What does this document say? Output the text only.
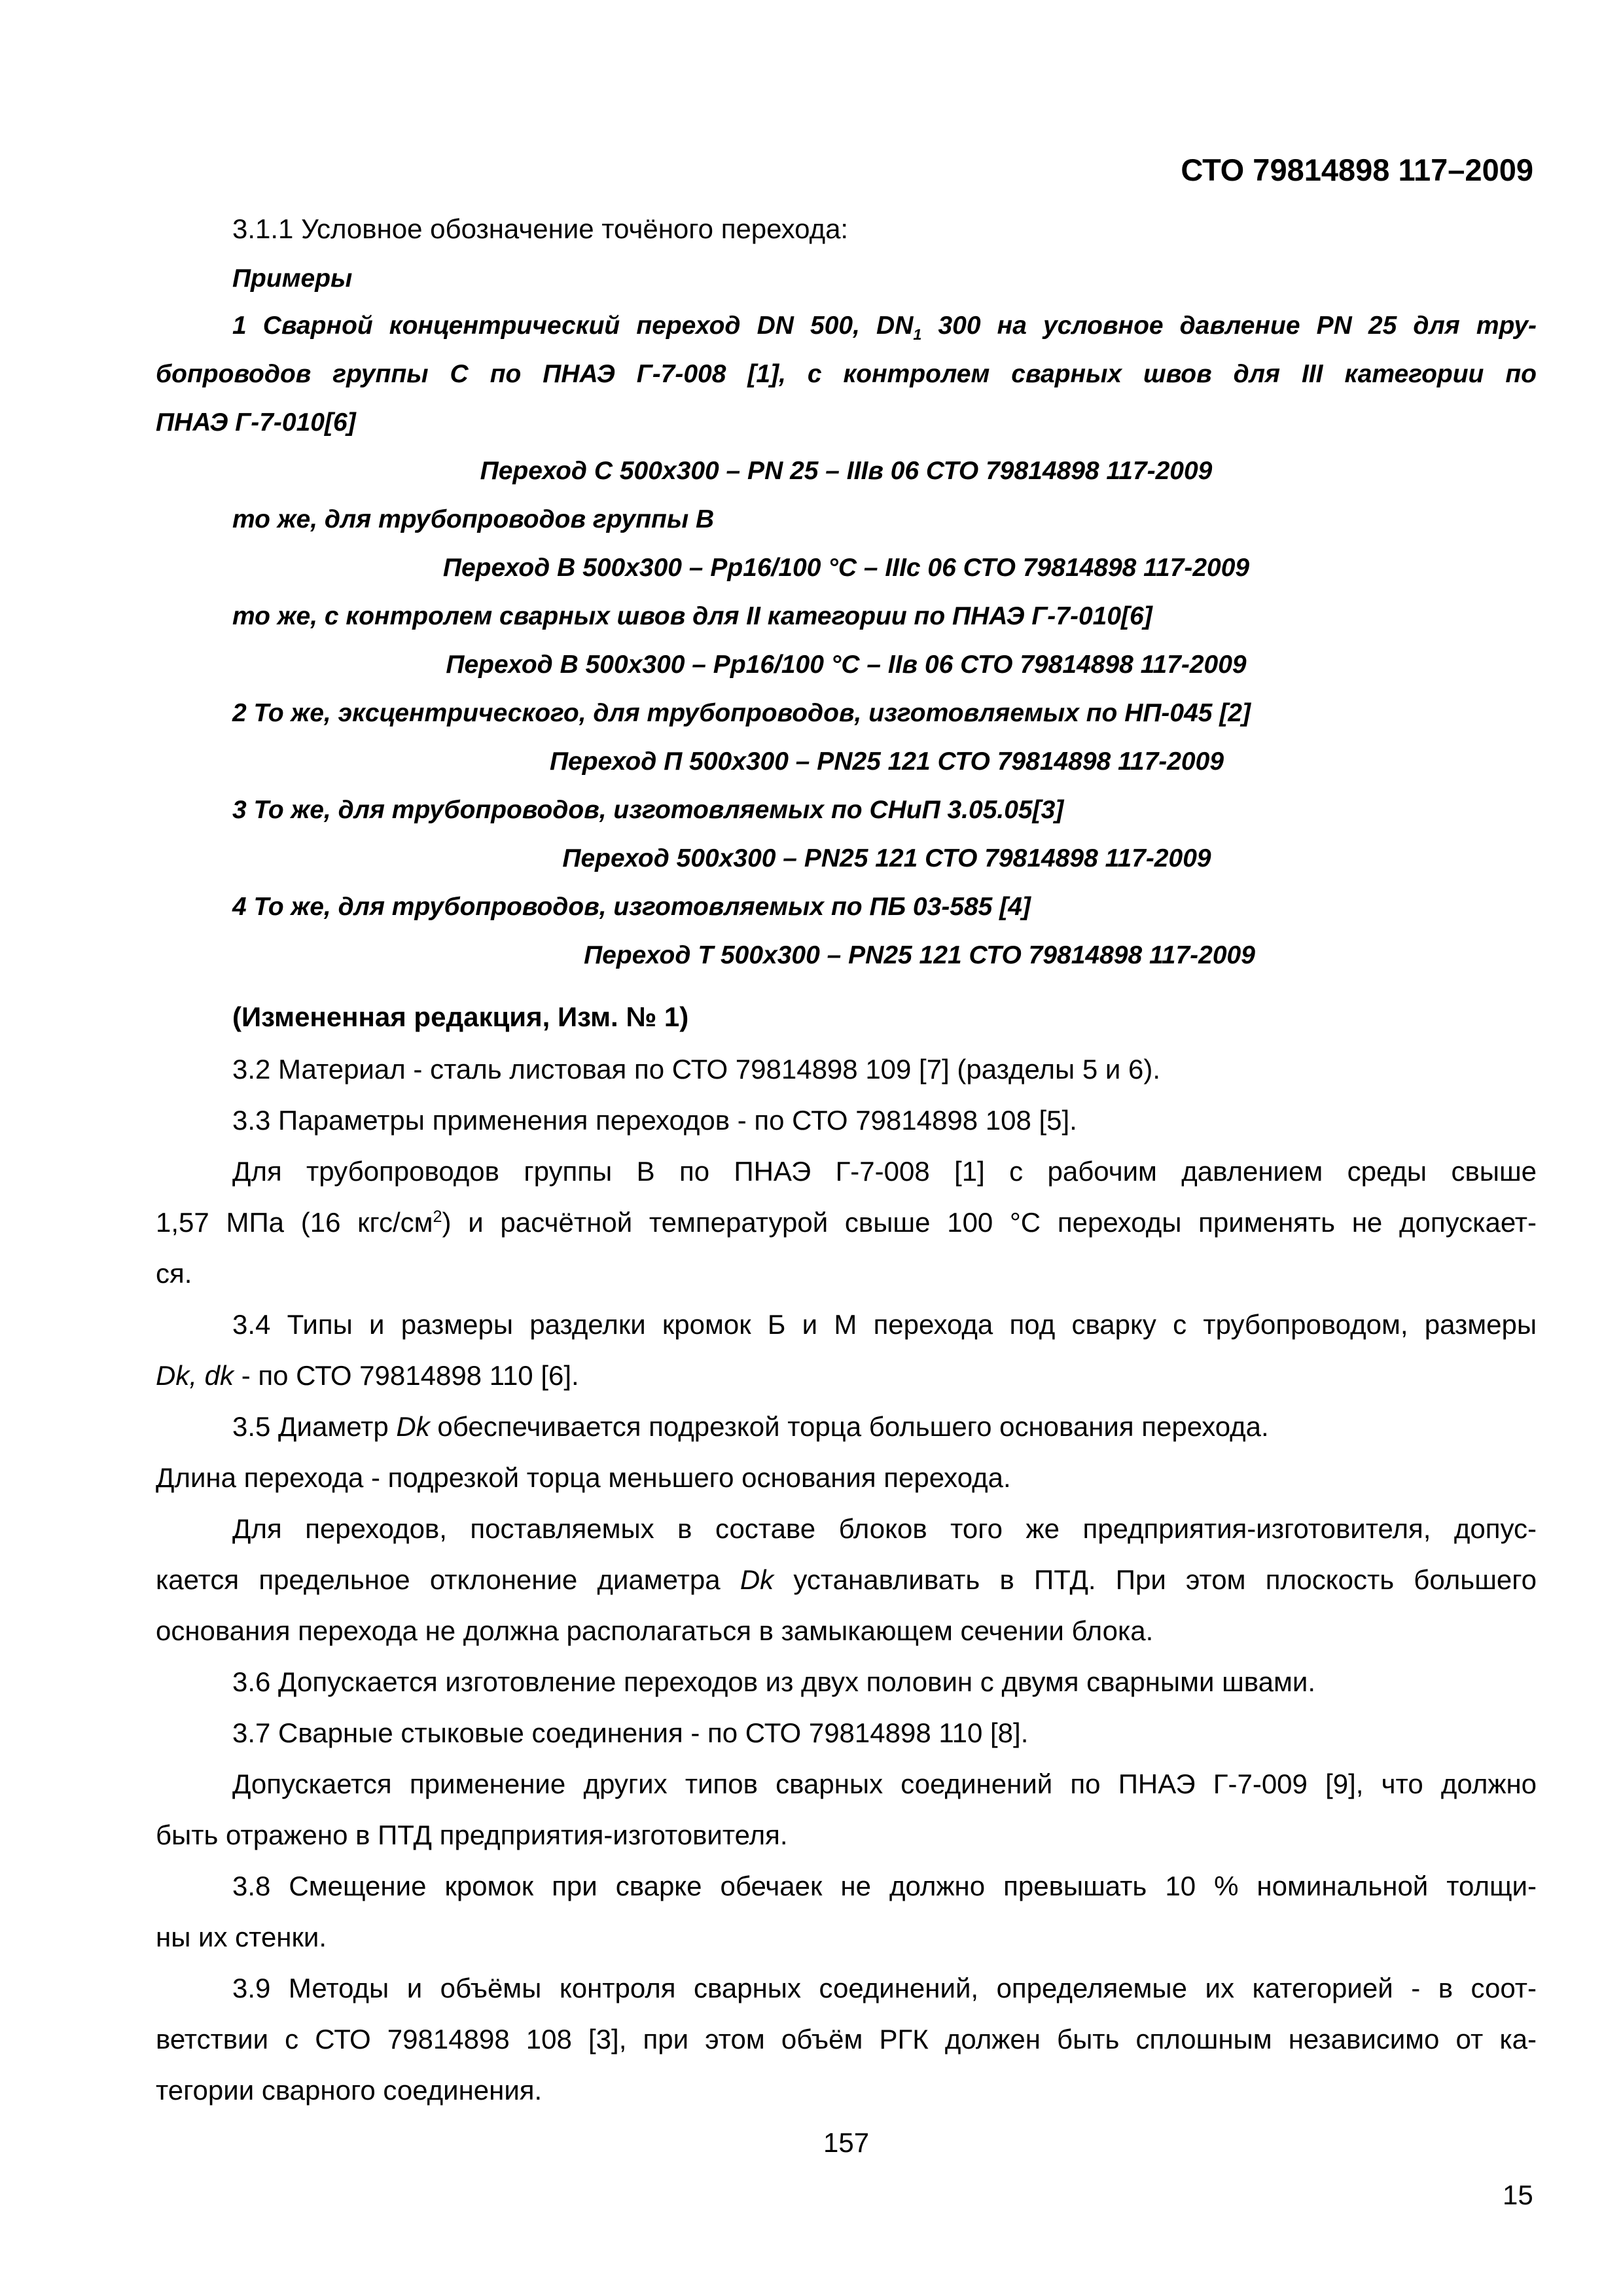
СТО 79814898 117–2009
3.1.1 Условное обозначение точёного перехода:
Примеры
1 Сварной концентрический переход DN 500, $DN_1$ 300 на условное давление PN 25 для тру-
бопроводов группы С по ПНАЭ Г-7-008 [1], с контролем сварных швов для III категории по
ПНАЭ Г-7-010[6]
Переход С 500х300 – PN 25 – IIIв 06 СТО 79814898 117-2009
то же, для трубопроводов группы В
Переход В 500х300 – Рр16/100 °С – IIIс 06 СТО 79814898 117-2009
то же, с контролем сварных швов для II категории по ПНАЭ Г-7-010[6]
Переход В 500х300 – Рр16/100 °С – IIв 06 СТО 79814898 117-2009
2 То же, эксцентрического, для трубопроводов, изготовляемых по НП-045 [2]
Переход П 500х300 – PN25 121 СТО 79814898 117-2009
3 То же, для трубопроводов, изготовляемых по СНиП 3.05.05[3]
Переход 500х300 – PN25 121 СТО 79814898 117-2009
4 То же, для трубопроводов, изготовляемых по ПБ 03-585 [4]
Переход Т 500х300 – PN25 121 СТО 79814898 117-2009
(Измененная редакция, Изм. № 1)
3.2 Материал - сталь листовая по СТО 79814898 109 [7] (разделы 5 и 6).
3.3 Параметры применения переходов - по СТО 79814898 108 [5].
Для трубопроводов группы В по ПНАЭ Г-7-008 [1] с рабочим давлением среды свыше
1,57 МПа (16 кгс/$см^2$) и расчётной температурой свыше 100 °С переходы применять не допускает-
ся.
3.4 Типы и размеры разделки кромок Б и М перехода под сварку с трубопроводом, размеры
Dk, dk - по СТО 79814898 110 [6].
3.5 Диаметр Dk обеспечивается подрезкой торца большего основания перехода.
Длина перехода - подрезкой торца меньшего основания перехода.
Для переходов, поставляемых в составе блоков того же предприятия-изготовителя, допус-
кается предельное отклонение диаметра Dk устанавливать в ПТД. При этом плоскость большего
основания перехода не должна располагаться в замыкающем сечении блока.
3.6 Допускается изготовление переходов из двух половин с двумя сварными швами.
3.7 Сварные стыковые соединения - по СТО 79814898 110 [8].
Допускается применение других типов сварных соединений по ПНАЭ Г-7-009 [9], что должно
быть отражено в ПТД предприятия-изготовителя.
3.8 Смещение кромок при сварке обечаек не должно превышать 10 % номинальной толщи-
ны их стенки.
3.9 Методы и объёмы контроля сварных соединений, определяемые их категорией - в соот-
ветствии с СТО 79814898 108 [3], при этом объём РГК должен быть сплошным независимо от ка-
тегории сварного соединения.
157
15
